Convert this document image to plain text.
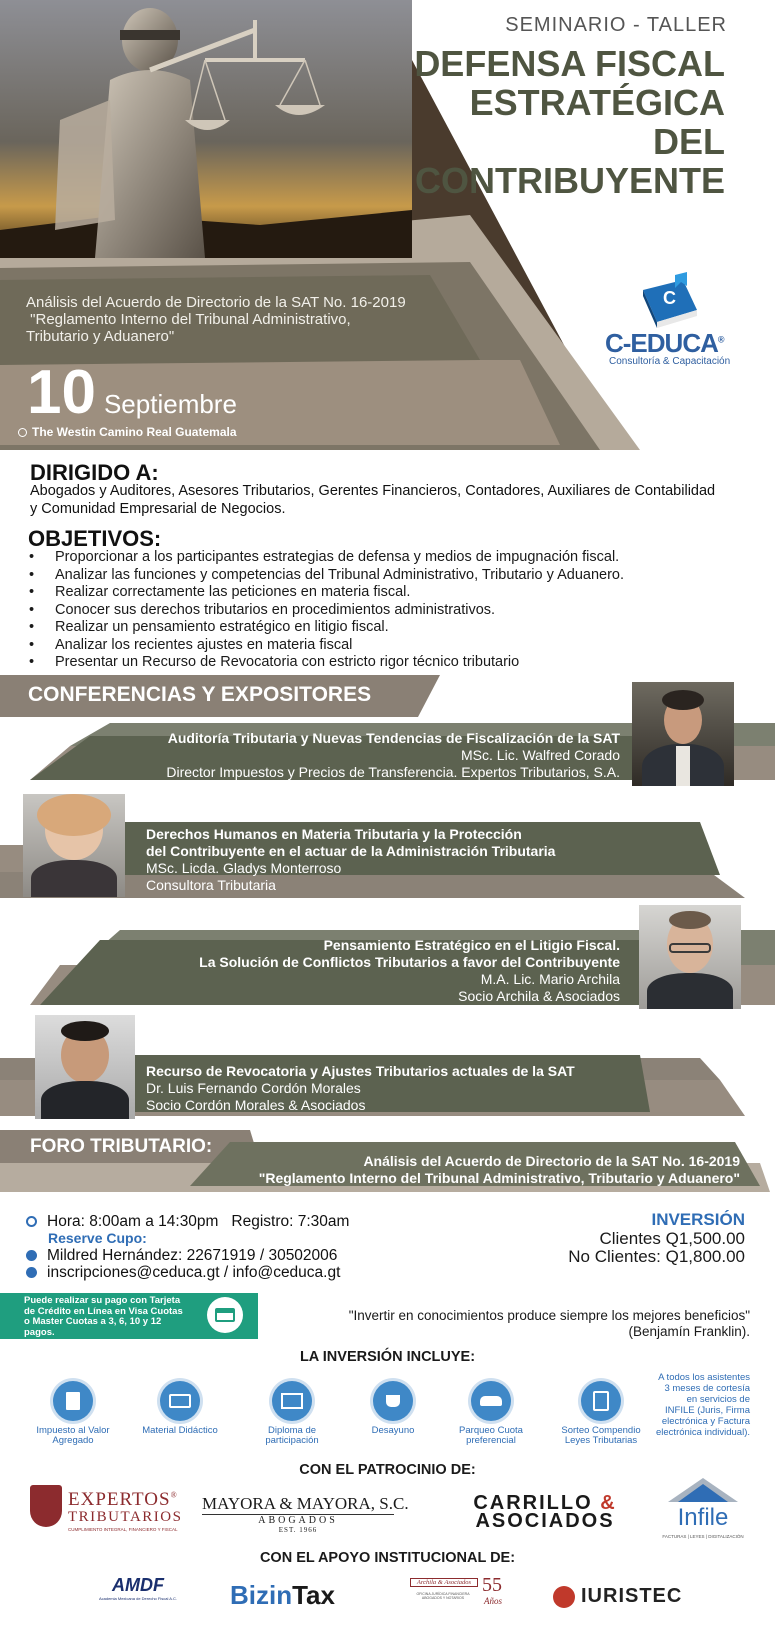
SEMINARIO - TALLER
DEFENSA FISCAL
ESTRATÉGICA
DEL
CONTRIBUYENTE
Análisis del Acuerdo de Directorio de la SAT No. 16-2019
"Reglamento Interno del Tribunal Administrativo,
Tributario y Aduanero"
10 Septiembre
The Westin Camino Real Guatemala
C
C-EDUCA®
Consultoría & Capacitación
DIRIGIDO A:
Abogados y Auditores, Asesores Tributarios, Gerentes Financieros, Contadores, Auxiliares de Contabilidad y Comunidad Empresarial de Negocios.
OBJETIVOS:
• Proporcionar a los participantes estrategias de defensa y medios de impugnación fiscal.
• Analizar las funciones y competencias del Tribunal Administrativo, Tributario y Aduanero.
• Realizar correctamente las peticiones en materia fiscal.
• Conocer sus derechos tributarios en procedimientos administrativos.
• Realizar un pensamiento estratégico en litigio fiscal.
• Analizar los recientes ajustes en materia fiscal
• Presentar un Recurso de Revocatoria con estricto rigor técnico tributario
CONFERENCIAS Y EXPOSITORES
Auditoría Tributaria y Nuevas Tendencias de Fiscalización de la SAT
MSc. Lic. Walfred Corado
Director Impuestos y Precios de Transferencia. Expertos Tributarios, S.A.
Derechos Humanos en Materia Tributaria y la Protección
del Contribuyente en el actuar de la Administración Tributaria
MSc. Licda. Gladys Monterroso
Consultora Tributaria
Pensamiento Estratégico en el Litigio Fiscal.
La Solución de Conflictos Tributarios a favor del Contribuyente
M.A. Lic. Mario Archila
Socio Archila & Asociados
Recurso de Revocatoria y Ajustes Tributarios actuales de la SAT
Dr. Luis Fernando Cordón Morales
Socio Cordón Morales & Asociados
FORO TRIBUTARIO:
Análisis del Acuerdo de Directorio de la SAT No. 16-2019
"Reglamento Interno del Tribunal Administrativo, Tributario y Aduanero"
Hora: 8:00am a 14:30pm   Registro: 7:30am
Reserve Cupo:
Mildred Hernández: 22671919 / 30502006
inscripciones@ceduca.gt / info@ceduca.gt
INVERSIÓN
Clientes Q1,500.00
No Clientes: Q1,800.00
Puede realizar su pago con Tarjeta de Crédito en Línea en Visa Cuotas o Master Cuotas a 3, 6, 10 y 12 pagos.
"Invertir en conocimientos produce siempre los mejores beneficios"
(Benjamín Franklin).
LA INVERSIÓN INCLUYE:
Impuesto al Valor Agregado
Material Didáctico	Diploma de participación
Desayuno	Parqueo Cuota preferencial
Sorteo Compendio Leyes Tributarias
A todos los asistentes 3 meses de cortesía en servicios de INFILE (Juris, Firma electrónica y Factura electrónica individual).
CON EL PATROCINIO DE:
EXPERTOS®
TRIBUTARIOS
CUMPLIMIENTO INTEGRAL, FINANCIERO Y FISCAL
MAYORA & MAYORA, S.C.
ABOGADOS
EST. 1966
CARRILLO &
ASOCIADOS	Infile
FACTURAS | LEYES | DIGITALIZACIÓN
CON EL APOYO INSTITUCIONAL DE:
AMDF
Academia Mexicana de Derecho Fiscal A.C. BizinTax	Archila & Asociados
OFICINA JURÍDICA FINANCIERA ABOGADOS Y NOTARIOS
55
Años	IURISTEC
